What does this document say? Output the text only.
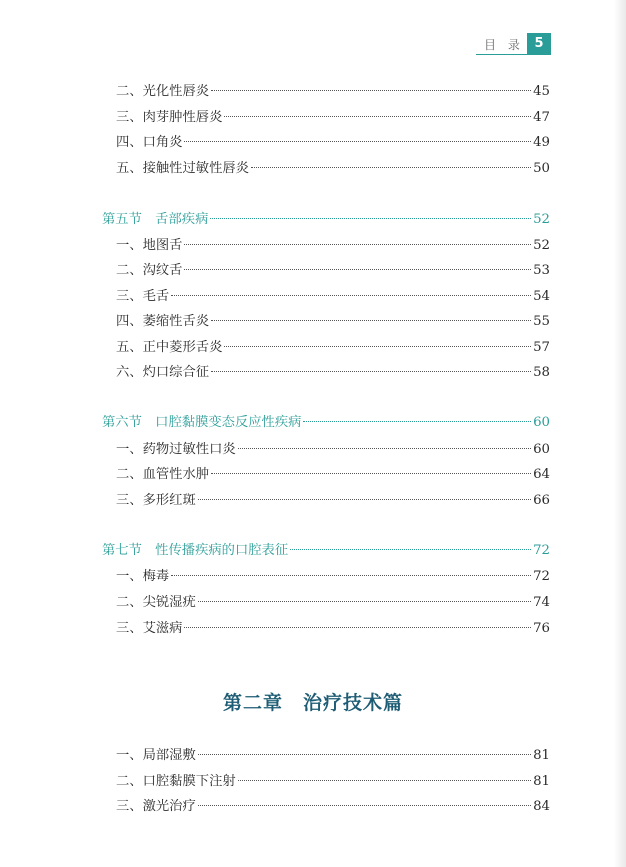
目 录 5
二、光化性唇炎	45
三、肉芽肿性唇炎	47
四、口角炎	49
五、接触性过敏性唇炎	50
第五节　舌部疾病	52
一、地图舌	52
二、沟纹舌	53
三、毛舌	54
四、萎缩性舌炎	55
五、正中菱形舌炎	57
六、灼口综合征	58
第六节　口腔黏膜变态反应性疾病	60
一、药物过敏性口炎	60
二、血管性水肿	64
三、多形红斑	66
第七节　性传播疾病的口腔表征	72
一、梅毒	72
二、尖锐湿疣	74
三、艾滋病	76
第二章　治疗技术篇
一、局部湿敷	81
二、口腔黏膜下注射	81
三、激光治疗	84
